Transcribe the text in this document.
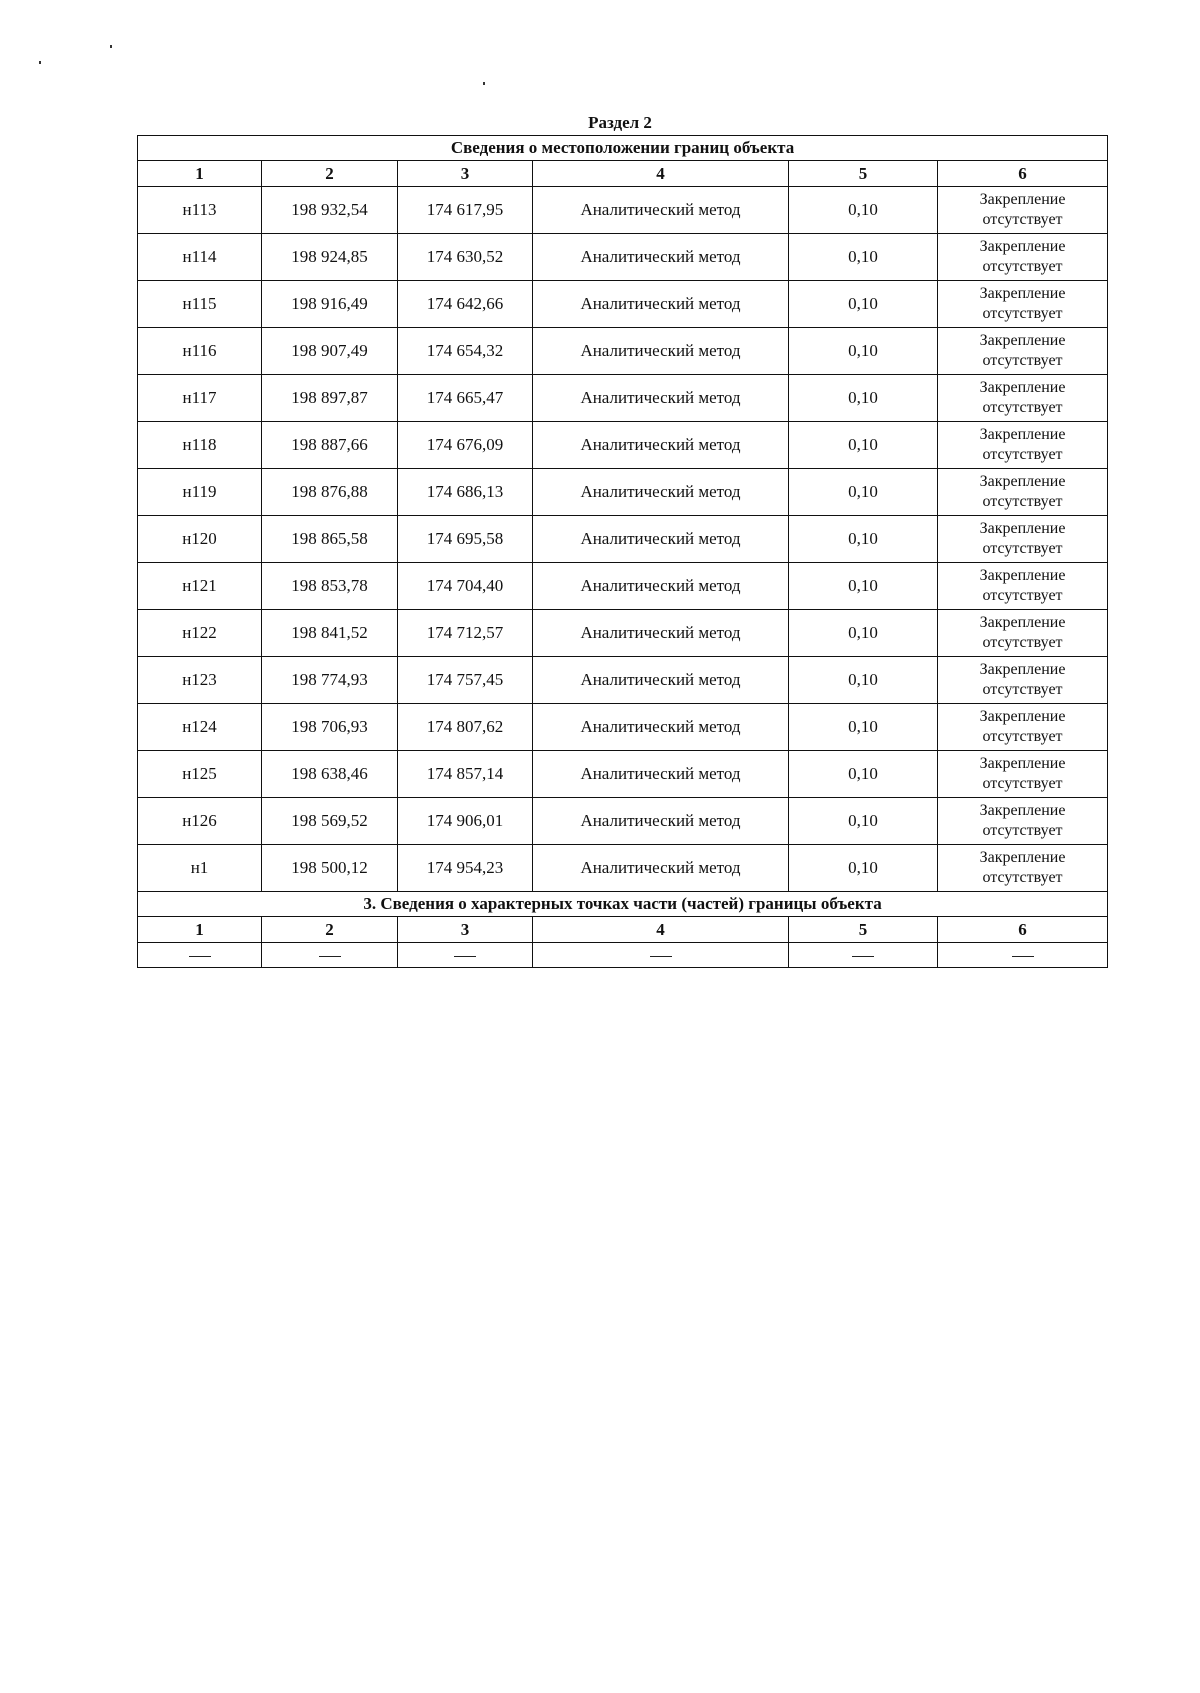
Раздел 2
Сведения о местоположении границ объекта					
1	2	3	4	5	6
н113	198 932,54	174 617,95	Аналитический метод	0,10	Закрепление
отсутствует

н114	198 924,85	174 630,52	Аналитический метод	0,10	Закрепление
отсутствует

н115	198 916,49	174 642,66	Аналитический метод	0,10	Закрепление
отсутствует

н116	198 907,49	174 654,32	Аналитический метод	0,10	Закрепление
отсутствует

н117	198 897,87	174 665,47	Аналитический метод	0,10	Закрепление
отсутствует

н118	198 887,66	174 676,09	Аналитический метод	0,10	Закрепление
отсутствует

н119	198 876,88	174 686,13	Аналитический метод	0,10	Закрепление
отсутствует

н120	198 865,58	174 695,58	Аналитический метод	0,10	Закрепление
отсутствует

н121	198 853,78	174 704,40	Аналитический метод	0,10	Закрепление
отсутствует

н122	198 841,52	174 712,57	Аналитический метод	0,10	Закрепление
отсутствует

н123	198 774,93	174 757,45	Аналитический метод	0,10	Закрепление
отсутствует

н124	198 706,93	174 807,62	Аналитический метод	0,10	Закрепление
отсутствует

н125	198 638,46	174 857,14	Аналитический метод	0,10	Закрепление
отсутствует

н126	198 569,52	174 906,01	Аналитический метод	0,10	Закрепление
отсутствует

н1	198 500,12	174 954,23	Аналитический метод	0,10	Закрепление
отсутствует

3. Сведения о характерных точках части (частей) границы объекта					
1	2	3	4	5	6
